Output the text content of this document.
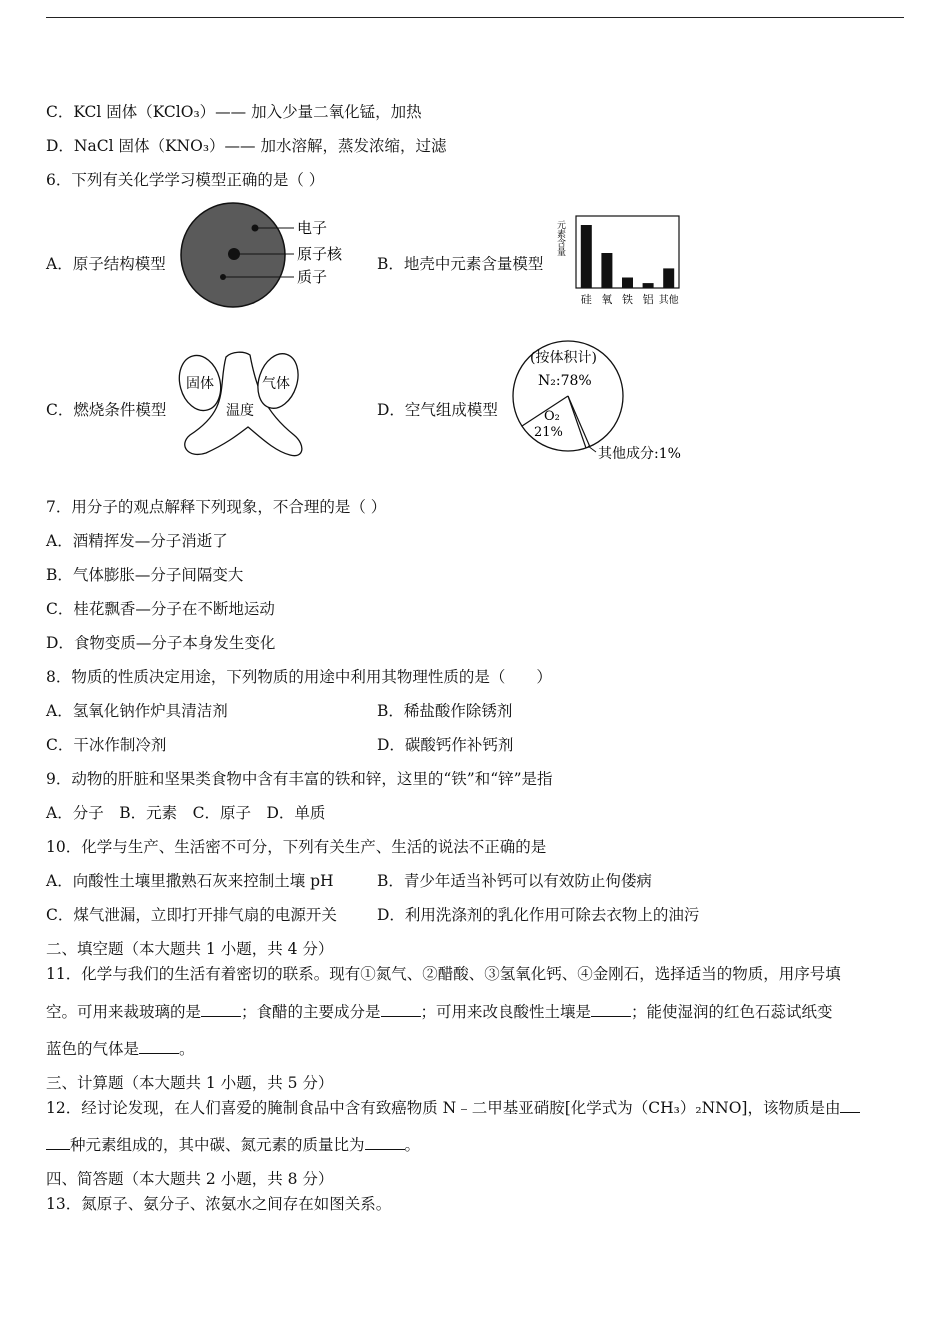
C．KCl 固体（KClO₃）—— 加入少量二氧化锰，加热
D．NaCl 固体（KNO₃）—— 加水溶解，蒸发浓缩，过滤
6．下列有关化学学习模型正确的是（ ）
A．原子结构模型	B．地壳中元素含量模型
电子
原子核
质子
元素含量
硅 氧 铁 铝 其他
C．燃烧条件模型	D．空气组成模型
固体	气体
温度
(按体积计)
N₂:78%
O₂
21%
其他成分:1%
7．用分子的观点解释下列现象，不合理的是（ ）
A．酒精挥发—分子消逝了
B．气体膨胀—分子间隔变大
C．桂花飘香—分子在不断地运动
D．食物变质—分子本身发生变化
8．物质的性质决定用途，下列物质的用途中利用其物理性质的是（　　）
A．氢氧化钠作炉具清洁剂	B．稀盐酸作除锈剂
C．干冰作制冷剂	D．碳酸钙作补钙剂
9．动物的肝脏和坚果类食物中含有丰富的铁和锌，这里的“铁”和“锌”是指
A．分子　B．元素　C．原子　D．单质
10．化学与生产、生活密不可分，下列有关生产、生活的说法不正确的是
A．向酸性土壤里撒熟石灰来控制土壤 pH	B．青少年适当补钙可以有效防止佝偻病
C．煤气泄漏，立即打开排气扇的电源开关	D．利用洗涤剂的乳化作用可除去衣物上的油污
二、填空题（本大题共 1 小题，共 4 分）
11．化学与我们的生活有着密切的联系。现有①氮气、②醋酸、③氢氧化钙、④金刚石，选择适当的物质，用序号填
空。可用来裁玻璃的是	；食醋的主要成分是	；可用来改良酸性土壤是	；能使湿润的红色石蕊试纸变
蓝色的气体是	。
三、计算题（本大题共 1 小题，共 5 分）
12．经讨论发现，在人们喜爱的腌制食品中含有致癌物质 N﹣二甲基亚硝胺[化学式为（CH₃）₂NNO]，该物质是由
种元素组成的，其中碳、氮元素的质量比为	。
四、简答题（本大题共 2 小题，共 8 分）
13．氮原子、氨分子、浓氨水之间存在如图关系。
